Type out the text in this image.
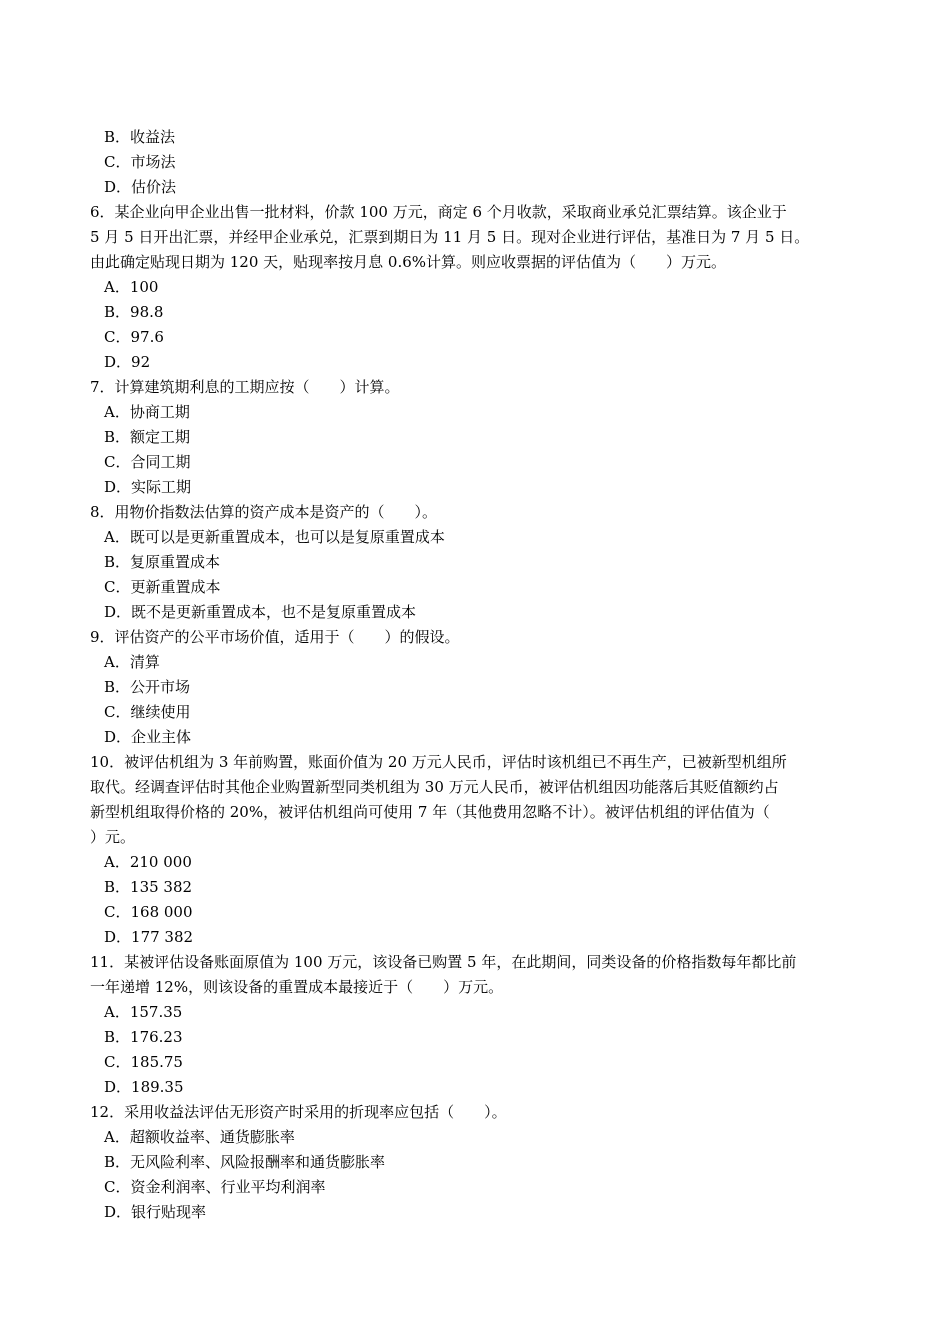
B．收益法
C．市场法
D．估价法
6．某企业向甲企业出售一批材料，价款 100 万元，商定 6 个月收款，采取商业承兑汇票结算。该企业于
5 月 5 日开出汇票，并经甲企业承兑，汇票到期日为 11 月 5 日。现对企业进行评估，基准日为 7 月 5 日。
由此确定贴现日期为 120 天，贴现率按月息 0.6%计算。则应收票据的评估值为（　　）万元。
A．100
B．98.8
C．97.6
D．92
7．计算建筑期利息的工期应按（　　）计算。
A．协商工期
B．额定工期
C．合同工期
D．实际工期
8．用物价指数法估算的资产成本是资产的（　　）。
A．既可以是更新重置成本，也可以是复原重置成本
B．复原重置成本
C．更新重置成本
D．既不是更新重置成本，也不是复原重置成本
9．评估资产的公平市场价值，适用于（　　）的假设。
A．清算
B．公开市场
C．继续使用
D．企业主体
10．被评估机组为 3 年前购置，账面价值为 20 万元人民币，评估时该机组已不再生产，已被新型机组所
取代。经调查评估时其他企业购置新型同类机组为 30 万元人民币，被评估机组因功能落后其贬值额约占
新型机组取得价格的 20%，被评估机组尚可使用 7 年（其他费用忽略不计）。被评估机组的评估值为（
）元。
A．210 000
B．135 382
C．168 000
D．177 382
11．某被评估设备账面原值为 100 万元，该设备已购置 5 年，在此期间，同类设备的价格指数每年都比前
一年递增 12%，则该设备的重置成本最接近于（　　）万元。
A．157.35
B．176.23
C．185.75
D．189.35
12．采用收益法评估无形资产时采用的折现率应包括（　　）。
A．超额收益率、通货膨胀率
B．无风险利率、风险报酬率和通货膨胀率
C．资金利润率、行业平均利润率
D．银行贴现率
